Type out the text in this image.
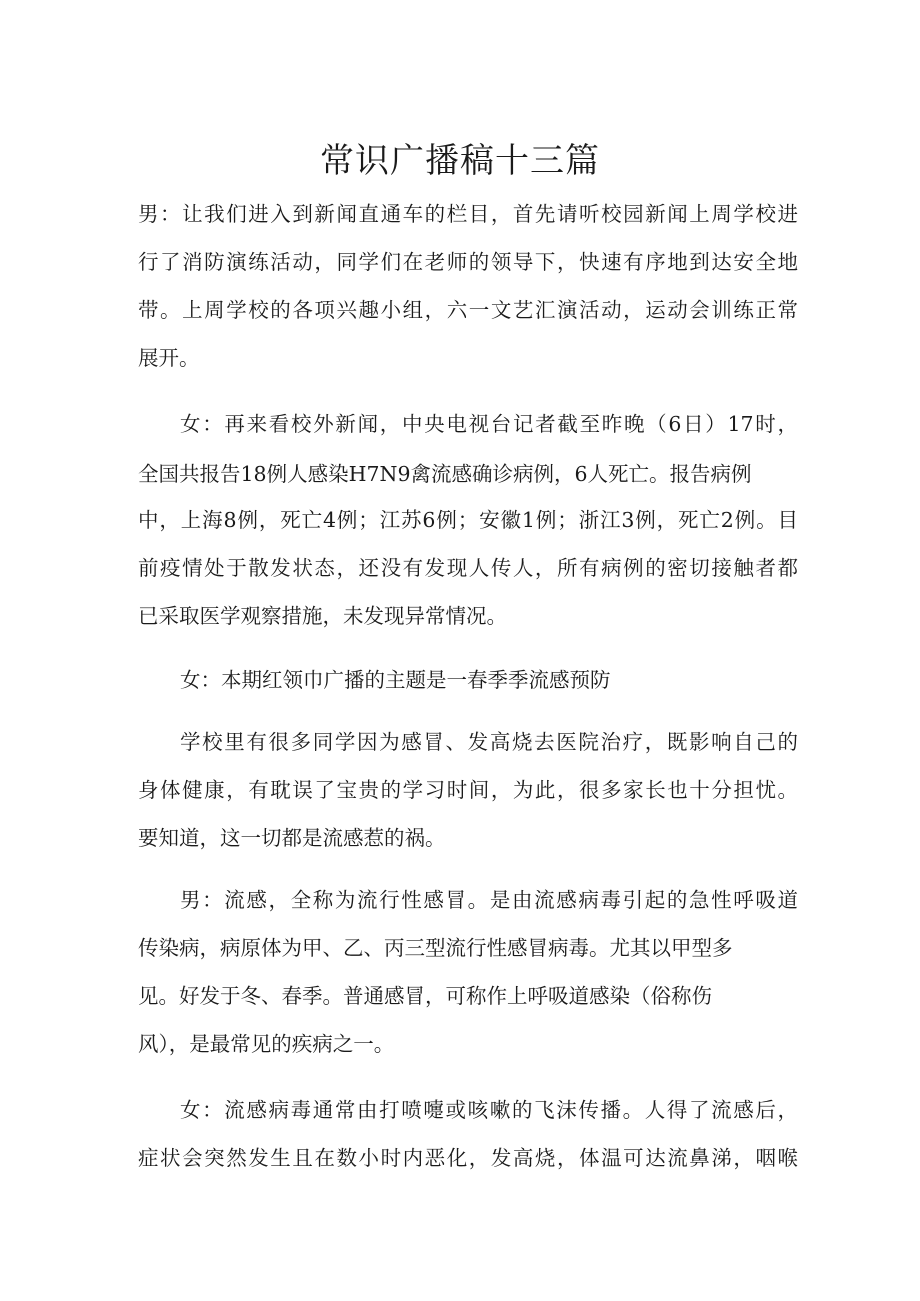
常识广播稿十三篇

男：让我们进入到新闻直通车的栏目，首先请听校园新闻上周学校进

行了消防演练活动，同学们在老师的领导下，快速有序地到达安全地

带。上周学校的各项兴趣小组，六一文艺汇演活动，运动会训练正常

展开。

女：再来看校外新闻，中央电视台记者截至昨晚（6日）17时，

全国共报告18例人感染H7N9禽流感确诊病例，6人死亡。报告病例

中，上海8例，死亡4例；江苏6例；安徽1例；浙江3例，死亡2例。目

前疫情处于散发状态，还没有发现人传人，所有病例的密切接触者都

已采取医学观察措施，未发现异常情况。

女：本期红领巾广播的主题是一春季季流感预防

学校里有很多同学因为感冒、发高烧去医院治疗，既影响自己的

身体健康，有耽误了宝贵的学习时间，为此，很多家长也十分担忧。

要知道，这一切都是流感惹的祸。

男：流感，全称为流行性感冒。是由流感病毒引起的急性呼吸道

传染病，病原体为甲、乙、丙三型流行性感冒病毒。尤其以甲型多

见。好发于冬、春季。普通感冒，可称作上呼吸道感染（俗称伤

风），是最常见的疾病之一。

女：流感病毒通常由打喷嚏或咳嗽的飞沫传播。人得了流感后，

症状会突然发生且在数小时内恶化，发高烧，体温可达流鼻涕，咽喉
